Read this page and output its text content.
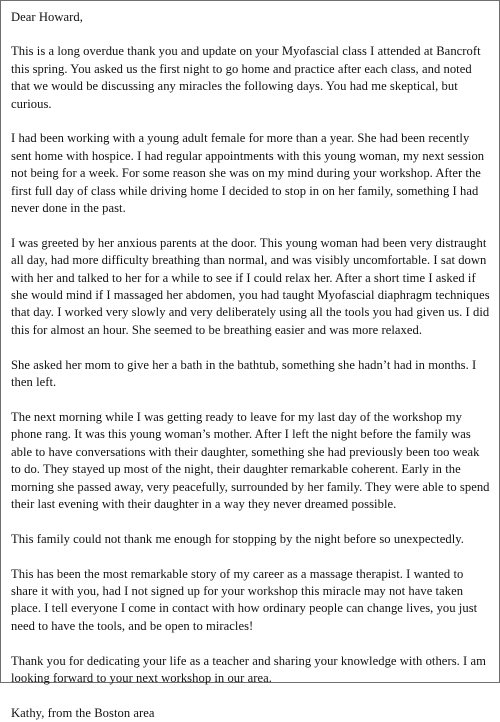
Dear Howard,

This is a long overdue thank you and update on your Myofascial class I attended at Bancroft this spring. You asked us the first night to go home and practice after each class, and noted that we would be discussing any miracles the following days. You had me skeptical, but curious.

I had been working with a young adult female for more than a year. She had been recently sent home with hospice. I had regular appointments with this young woman, my next session not being for a week. For some reason she was on my mind during your workshop. After the first full day of class while driving home I decided to stop in on her family, something I had never done in the past.

I was greeted by her anxious parents at the door. This young woman had been very distraught all day, had more difficulty breathing than normal, and was visibly uncomfortable. I sat down with her and talked to her for a while to see if I could relax her. After a short time I asked if she would mind if I massaged her abdomen, you had taught Myofascial diaphragm techniques that day. I worked very slowly and very deliberately using all the tools you had given us. I did this for almost an hour. She seemed to be breathing easier and was more relaxed.

She asked her mom to give her a bath in the bathtub, something she hadn’t had in months. I then left.

The next morning while I was getting ready to leave for my last day of the workshop my phone rang. It was this young woman’s mother. After I left the night before the family was able to have conversations with their daughter, something she had previously been too weak to do. They stayed up most of the night, their daughter remarkable coherent. Early in the morning she passed away, very peacefully, surrounded by her family. They were able to spend their last evening with their daughter in a way they never dreamed possible.

This family could not thank me enough for stopping by the night before so unexpectedly.

This has been the most remarkable story of my career as a massage therapist. I wanted to share it with you, had I not signed up for your workshop this miracle may not have taken place. I tell everyone I come in contact with how ordinary people can change lives, you just need to have the tools, and be open to miracles!

Thank you for dedicating your life as a teacher and sharing your knowledge with others. I am looking forward to your next workshop in our area.

Kathy, from the Boston area
